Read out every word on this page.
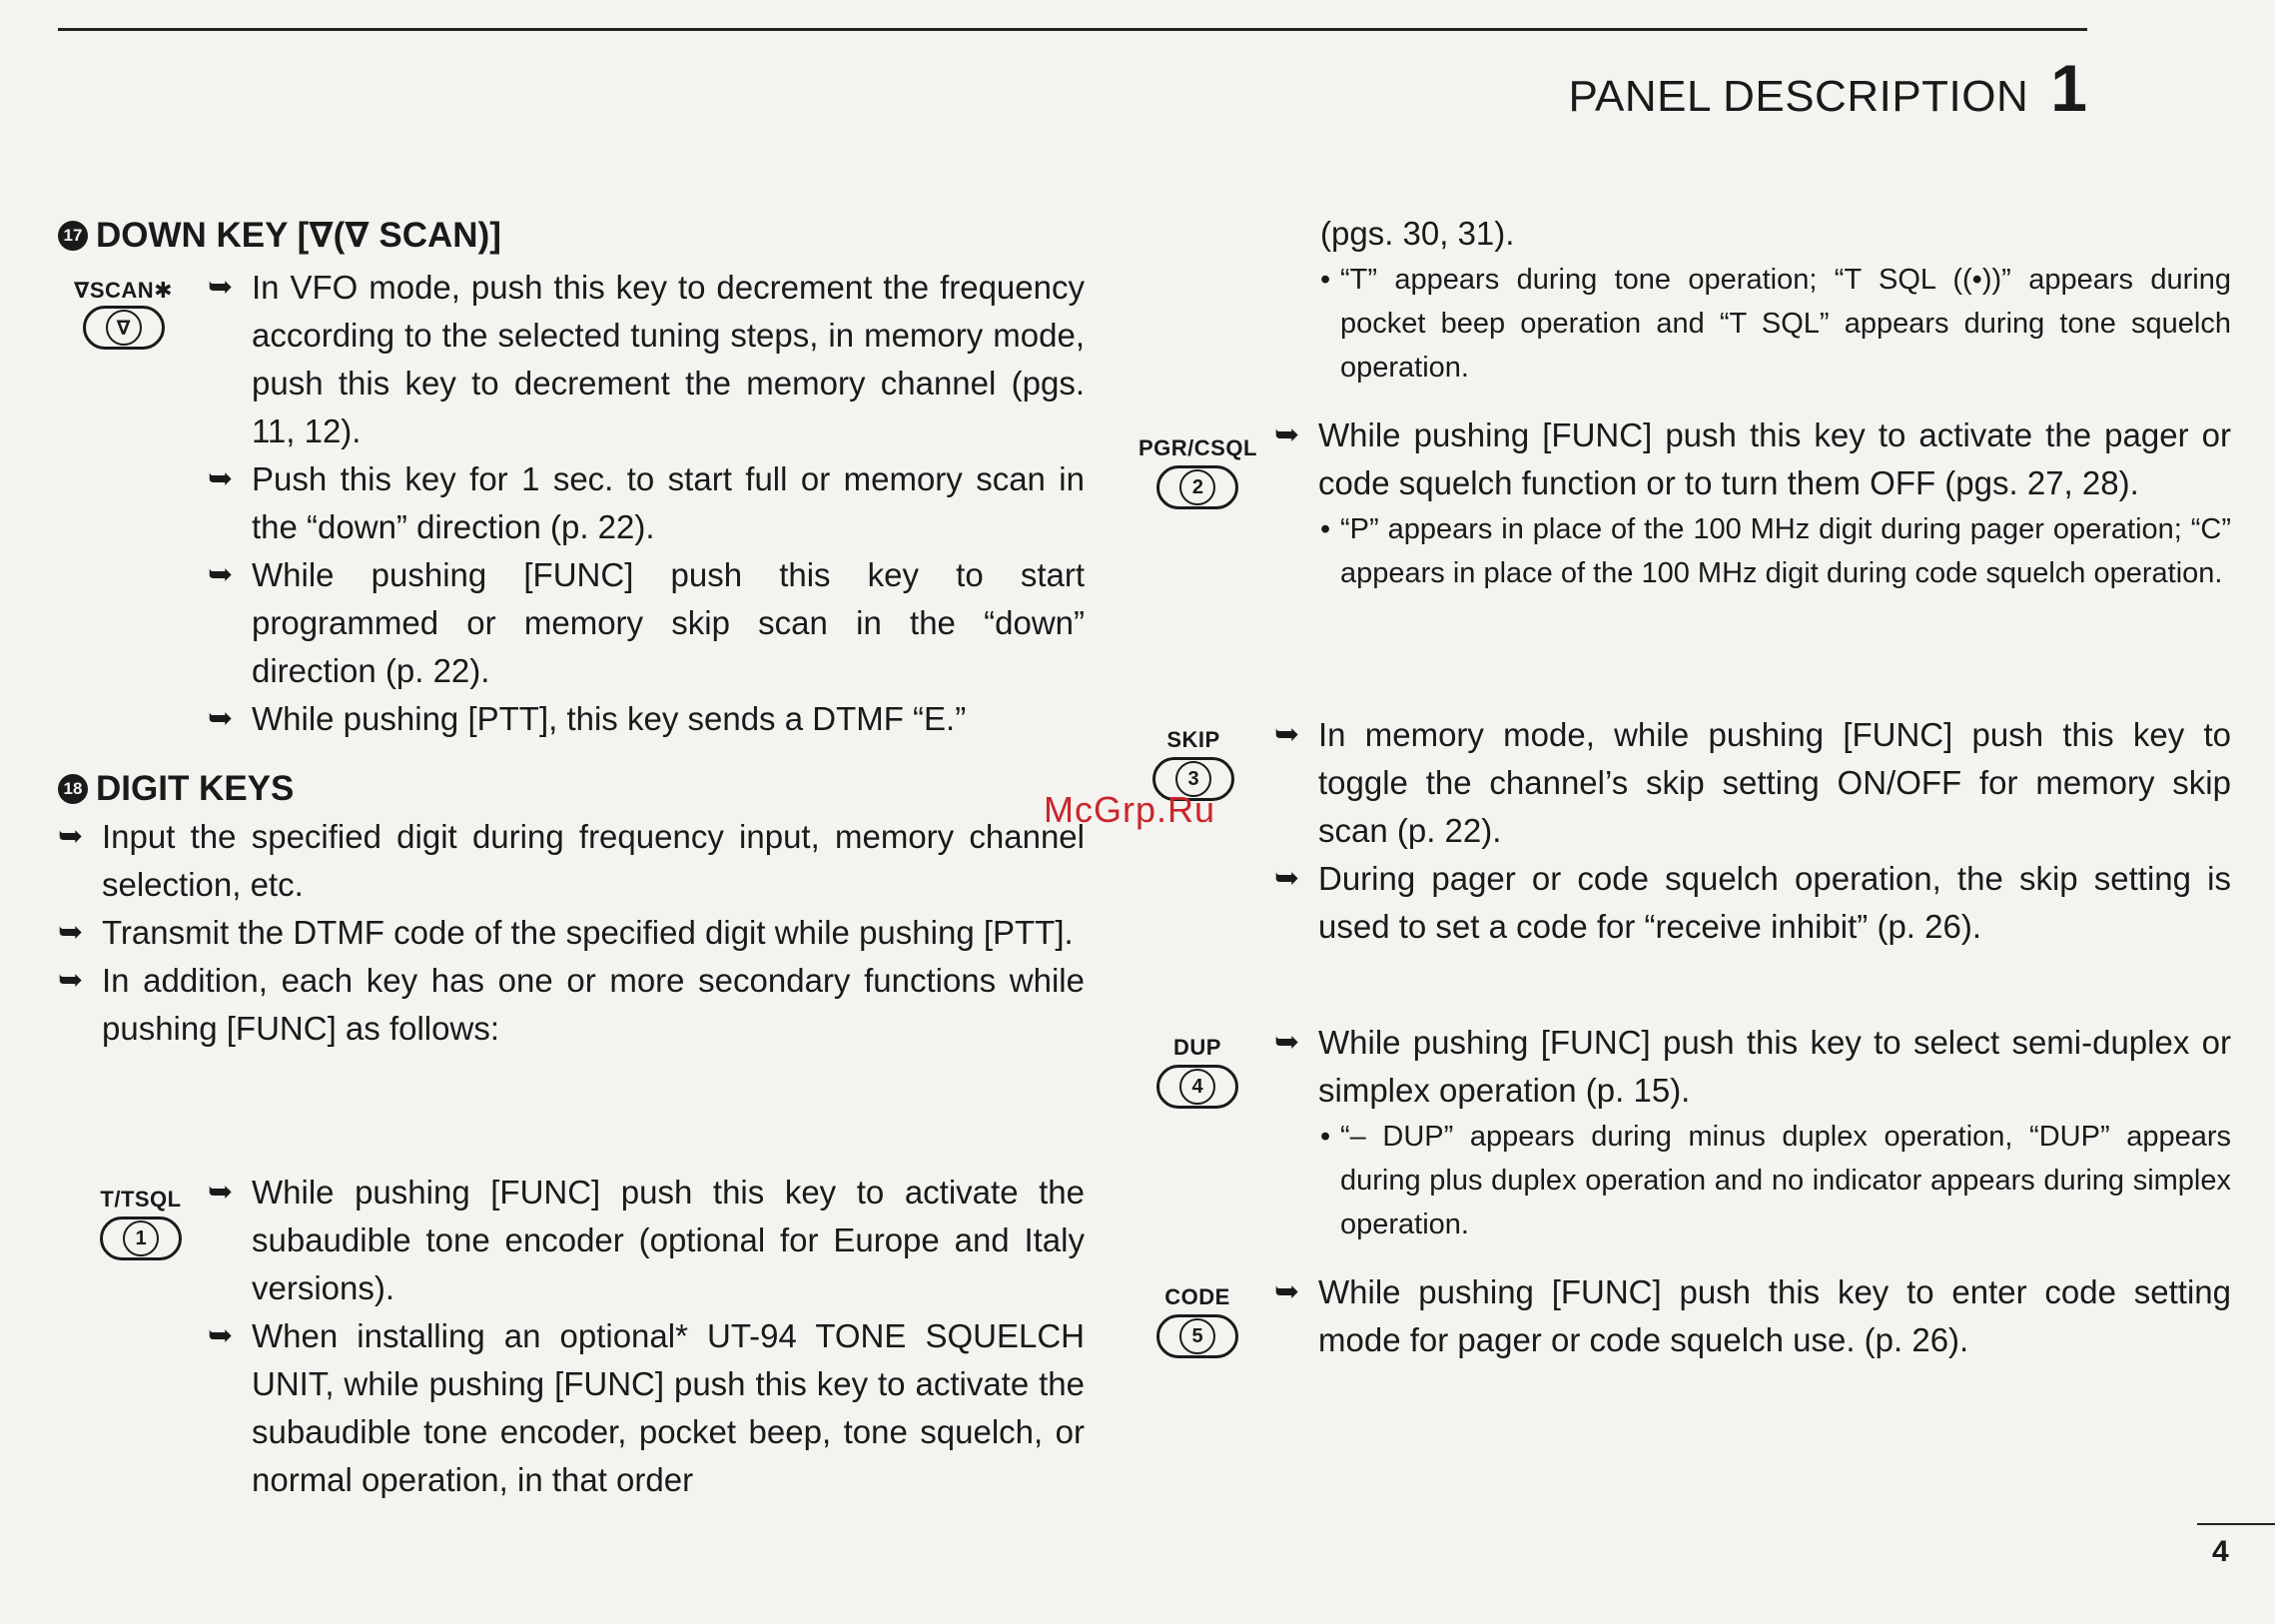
PANEL DESCRIPTION 1
17 DOWN KEY [∇(∇ SCAN)]
∇SCAN✱
∇
➥ In VFO mode, push this key to decrement the frequency according to the selected tuning steps, in memory mode, push this key to decrement the memory channel (pgs. 11, 12).
➥ Push this key for 1 sec. to start full or memory scan in the “down” direction (p. 22).
➥ While pushing [FUNC] push this key to start programmed or memory skip scan in the “down” direction (p. 22).
➥ While pushing [PTT], this key sends a DTMF “E.”
18 DIGIT KEYS
➥ Input the specified digit during frequency input, memory channel selection, etc.
➥ Transmit the DTMF code of the specified digit while pushing [PTT].
➥ In addition, each key has one or more secondary functions while pushing [FUNC] as follows:
T/TSQL
1
➥ While pushing [FUNC] push this key to activate the subaudible tone encoder (optional for Europe and Italy versions).
➥ When installing an optional* UT-94 TONE SQUELCH UNIT, while pushing [FUNC] push this key to activate the subaudible tone encoder, pocket beep, tone squelch, or normal operation, in that order
(pgs. 30, 31).
• “T” appears during tone operation; “T SQL ((•))” appears during pocket beep operation and “T SQL” appears during tone squelch operation.
PGR/CSQL
2
➥ While pushing [FUNC] push this key to activate the pager or code squelch function or to turn them OFF (pgs. 27, 28).
• “P” appears in place of the 100 MHz digit during pager operation; “C” appears in place of the 100 MHz digit during code squelch operation.
SKIP
3
➥ In memory mode, while pushing [FUNC] push this key to toggle the channel’s skip setting ON/OFF for memory skip scan (p. 22).
➥ During pager or code squelch operation, the skip setting is used to set a code for “receive inhibit” (p. 26).
DUP
4
➥ While pushing [FUNC] push this key to select semi-duplex or simplex operation (p. 15).
• “– DUP” appears during minus duplex operation, “DUP” appears during plus duplex operation and no indicator appears during simplex operation.
CODE
5
➥ While pushing [FUNC] push this key to enter code setting mode for pager or code squelch use. (p. 26).
McGrp.Ru
4
